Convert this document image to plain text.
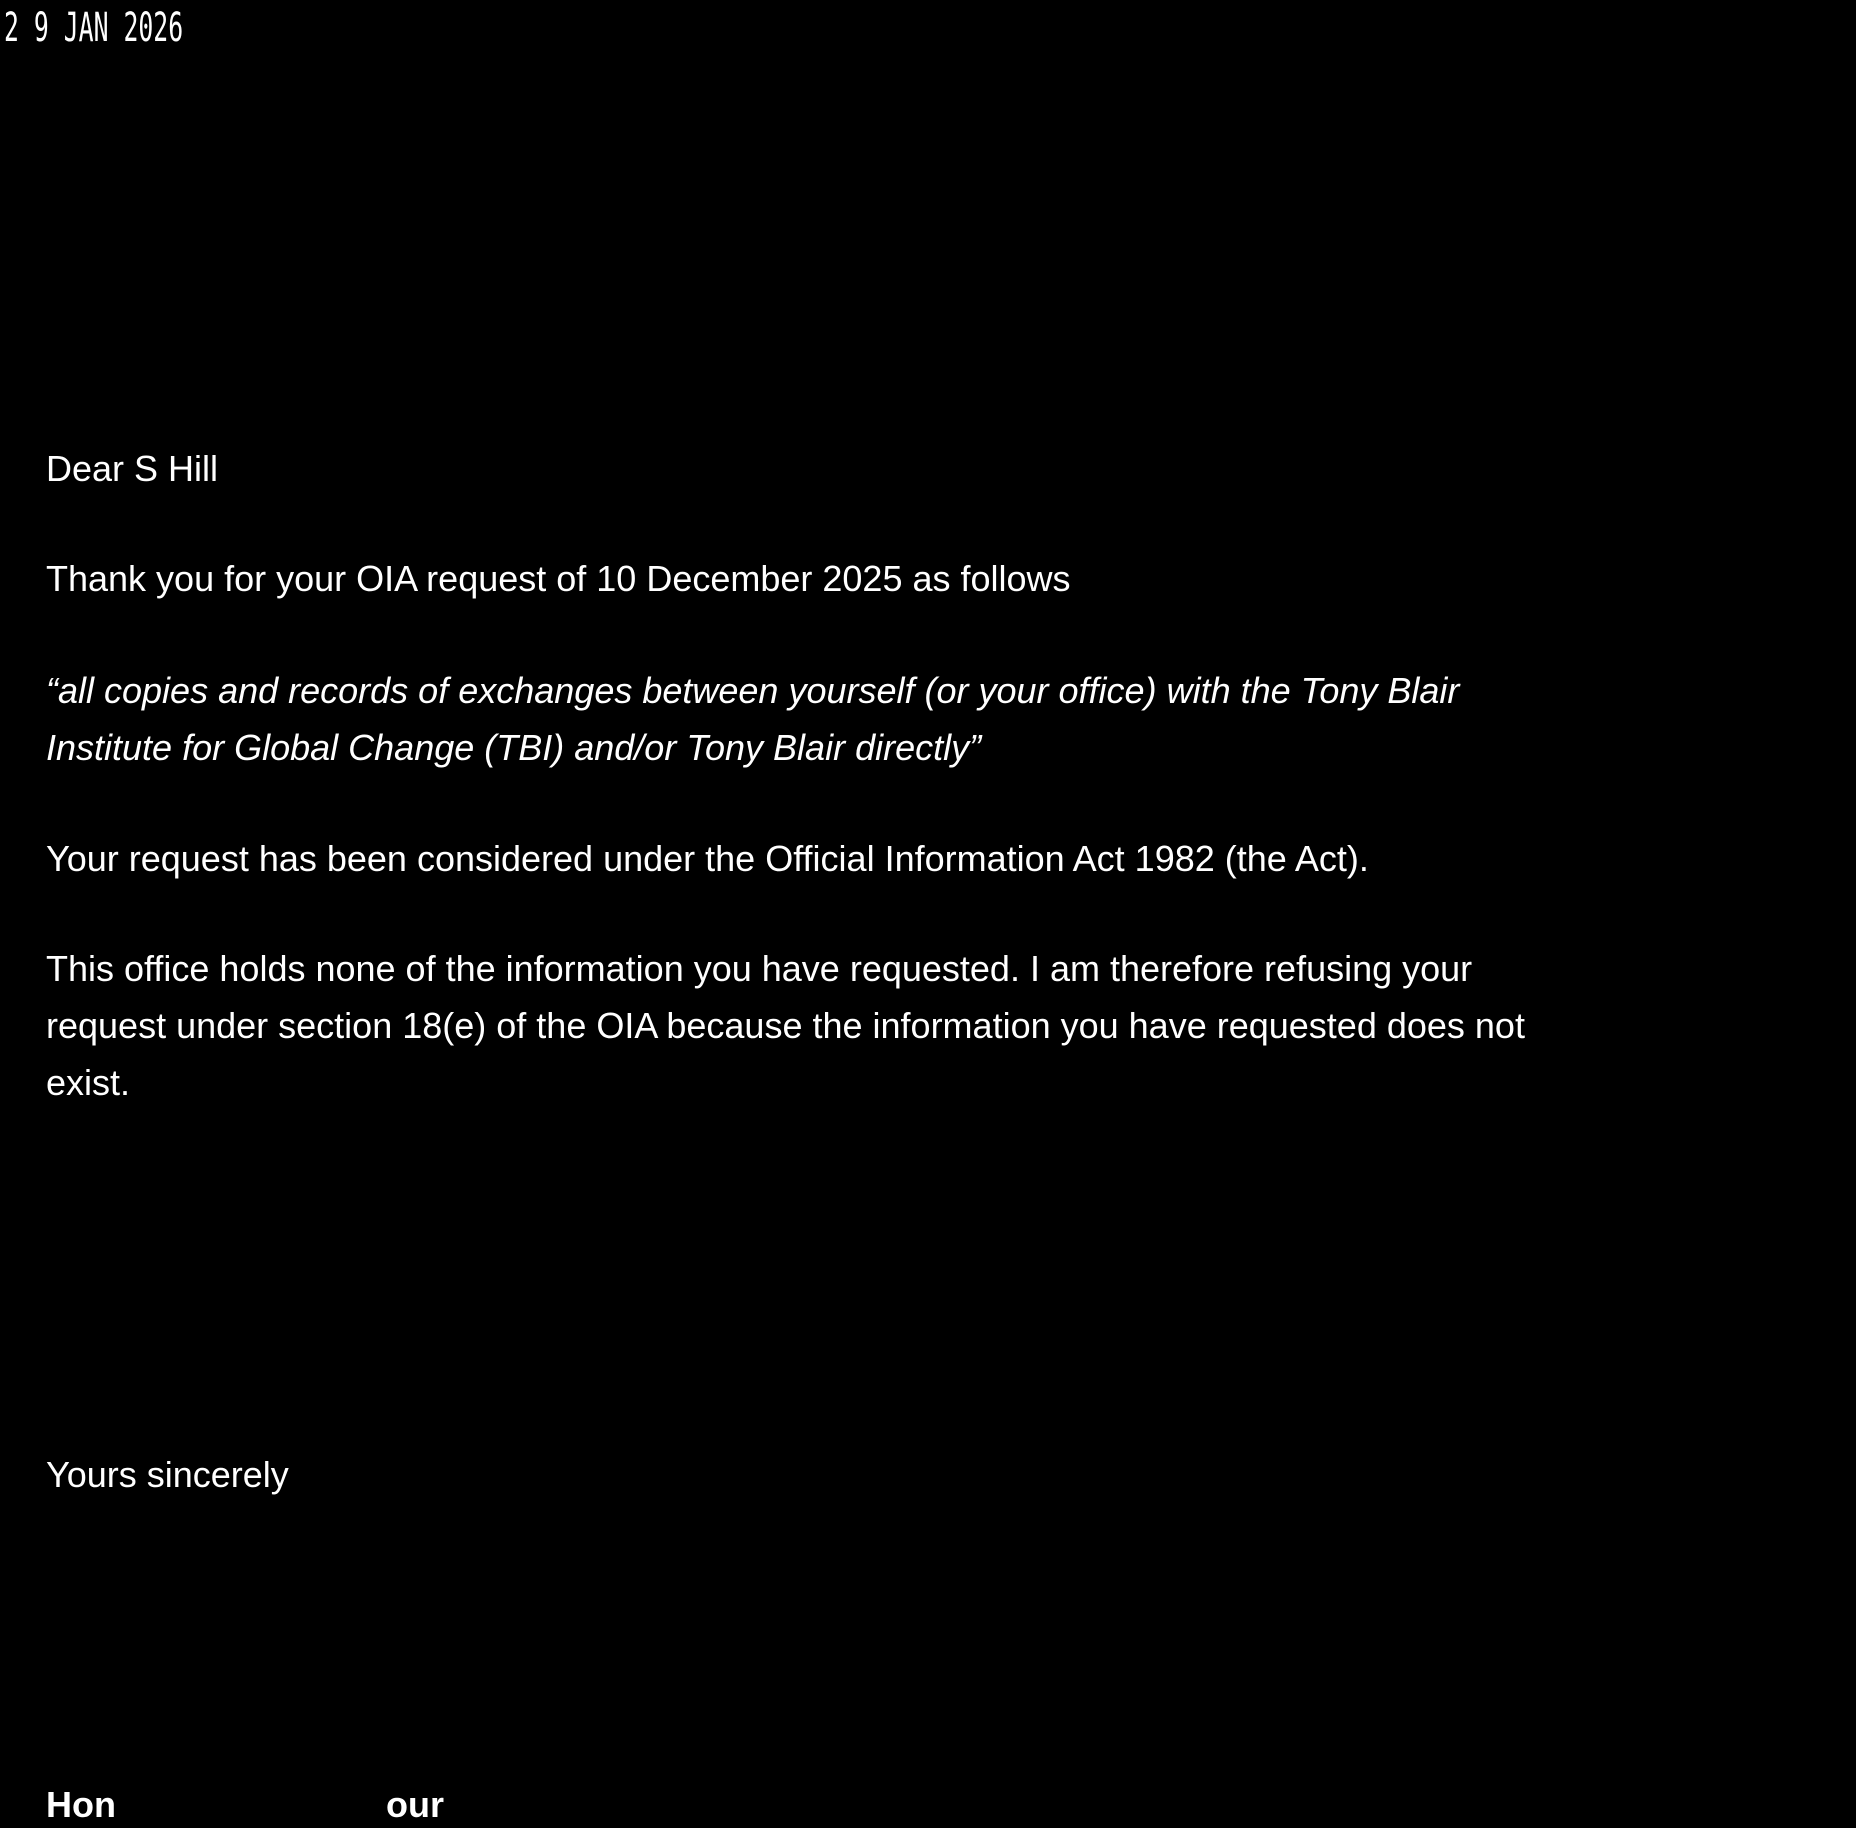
2 9 JAN 2026
Dear S Hill
Thank you for your OIA request of 10 December 2025 as follows
“all copies and records of exchanges between yourself (or your office) with the Tony Blair
Institute for Global Change (TBI) and/or Tony Blair directly”
Your request has been considered under the Official Information Act 1982 (the Act).
This office holds none of the information you have requested. I am therefore refusing your
request under section 18(e) of the OIA because the information you have requested does not
exist.
Yours sincerely
Hon	our
